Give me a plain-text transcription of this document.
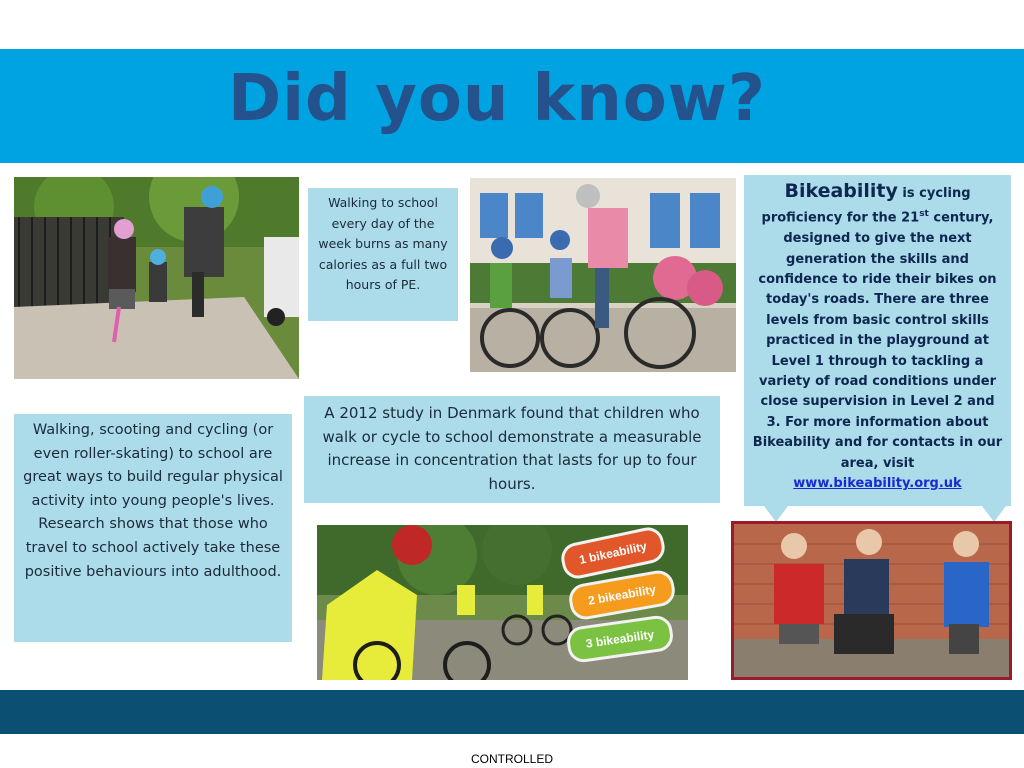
Did you know?
Walking to school every day of the week burns as many calories as a full two hours of PE.
Bikeability is cycling proficiency for the 21st century, designed to give the next generation the skills and confidence to ride their bikes on today's roads. There are three levels from basic control skills practiced in the playground at Level 1 through to tackling a variety of road conditions under close supervision in Level 2 and 3. For more information about Bikeability and for contacts in our area, visit
www.bikeability.org.uk
A 2012 study in Denmark found that children who walk or cycle to school demonstrate a measurable increase in concentration that lasts for up to four hours.
Walking, scooting and cycling (or even roller-skating) to school are great ways to build regular physical activity into young people's lives. Research shows that those who travel to school actively take these positive behaviours into adulthood.
1 bikeability
2 bikeability
3 bikeability
CONTROLLED
